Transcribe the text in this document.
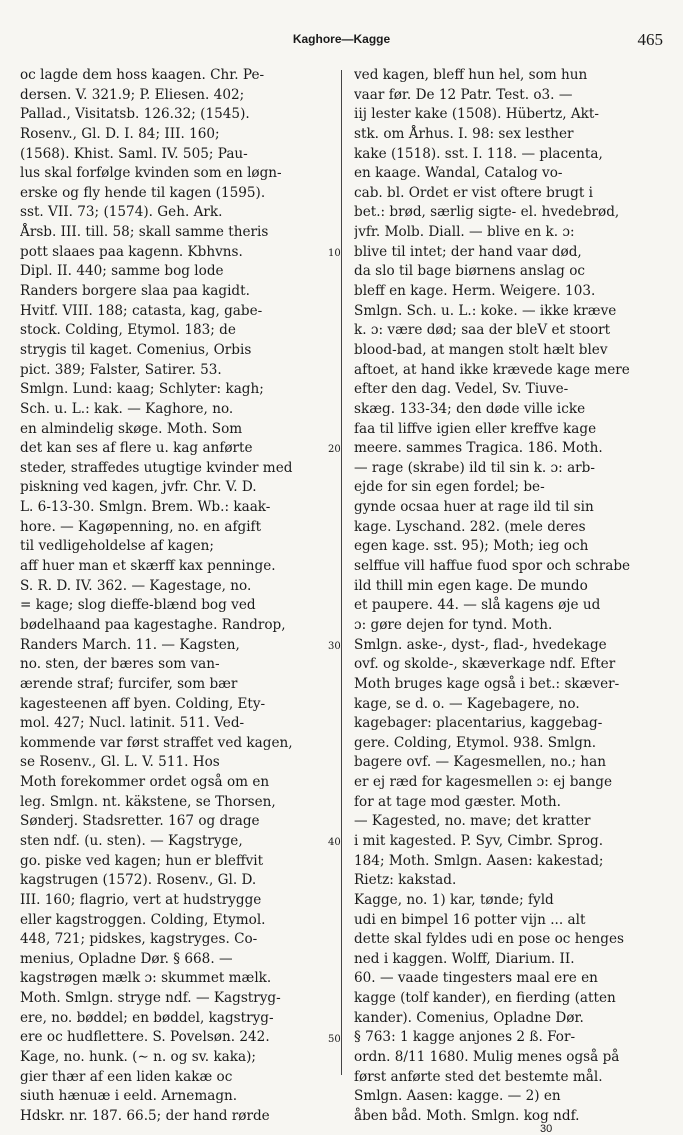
Kaghore—Kagge	465
oc lagde dem hoss kaagen. Chr. Pe-
dersen. V. 321.9; P. Eliesen. 402;
Pallad., Visitatsb. 126.32; (1545).
Rosenv., Gl. D. I. 84; III. 160;
(1568). Khist. Saml. IV. 505; Pau-
lus skal forfølge kvinden som en løgn-
erske og fly hende til kagen (1595).
sst. VII. 73; (1574). Geh. Ark.
Årsb. III. till. 58; skall samme theris
pott slaaes paa kagenn. Kbhvns.
Dipl. II. 440; samme bog lode
Randers borgere slaa paa kagidt.
Hvitf. VIII. 188; catasta, kag, gabe-
stock. Colding, Etymol. 183; de
strygis til kaget. Comenius, Orbis
pict. 389; Falster, Satirer. 53.
Smlgn. Lund: kaag; Schlyter: kagh;
Sch. u. L.: kak. — Kaghore, no.
en almindelig skøge. Moth. Som
det kan ses af flere u. kag anførte
steder, straffedes utugtige kvinder med
piskning ved kagen, jvfr. Chr. V. D.
L. 6-13-30. Smlgn. Brem. Wb.: kaak-
hore. — Kagøpenning, no. en afgift
til vedligeholdelse af kagen;
aff huer man et skærff kax penninge.
S. R. D. IV. 362. — Kagestage, no.
= kage; slog dieffe-blænd bog ved
bødelhaand paa kagestaghe. Randrop,
Randers March. 11. — Kagsten,
no. sten, der bæres som van-
ærende straf; furcifer, som bær
kagesteenen aff byen. Colding, Ety-
mol. 427; Nucl. latinit. 511. Ved-
kommende var først straffet ved kagen,
se Rosenv., Gl. L. V. 511. Hos
Moth forekommer ordet også om en
leg. Smlgn. nt. käkstene, se Thorsen,
Sønderj. Stadsretter. 167 og drage
sten ndf. (u. sten). — Kagstryge,
go. piske ved kagen; hun er bleffvit
kagstrugen (1572). Rosenv., Gl. D.
III. 160; flagrio, vert at hudstrygge
eller kagstroggen. Colding, Etymol.
448, 721; pidskes, kagstryges. Co-
menius, Opladne Dør. § 668. —
kagstrøgen mælk ɔ: skummet mælk.
Moth. Smlgn. stryge ndf. — Kagstryg-
ere, no. bøddel; en bøddel, kagstryg-
ere oc hudflettere. S. Povelsøn. 242.
Kage, no. hunk. (∼ n. og sv. kaka);
gier thær af een liden kakæ oc
siuth hænuæ i eeld. Arnemagn.
Hdskr. nr. 187. 66.5; der hand rørde
10
20
30
40
50
ved kagen, bleff hun hel, som hun
vaar før. De 12 Patr. Test. o3. —
iij lester kake (1508). Hübertz, Akt-
stk. om Århus. I. 98: sex lesther
kake (1518). sst. I. 118. — placenta,
en kaage. Wandal, Catalog vo-
cab. bl. Ordet er vist oftere brugt i
bet.: brød, særlig sigte- el. hvedebrød,
jvfr. Molb. Diall. — blive en k. ɔ:
blive til intet; der hand vaar død,
da slo til bage biørnens anslag oc
bleff en kage. Herm. Weigere. 103.
Smlgn. Sch. u. L.: koke. — ikke kræve
k. ɔ: være død; saa der bleV et stoort
blood-bad, at mangen stolt hælt blev
aftoet, at hand ikke krævede kage mere
efter den dag. Vedel, Sv. Tiuve-
skæg. 133-34; den døde ville icke
faa til liffve igien eller kreffve kage
meere. sammes Tragica. 186. Moth.
— rage (skrabe) ild til sin k. ɔ: arb-
ejde for sin egen fordel; be-
gynde ocsaa huer at rage ild til sin
kage. Lyschand. 282. (mele deres
egen kage. sst. 95); Moth; ieg och
selffue vill haffue fuod spor och schrabe
ild thill min egen kage. De mundo
et paupere. 44. — slå kagens øje ud
ɔ: gøre dejen for tynd. Moth.
Smlgn. aske-, dyst-, flad-, hvedekage
ovf. og skolde-, skæverkage ndf. Efter
Moth bruges kage også i bet.: skæver-
kage, se d. o. — Kagebagere, no.
kagebager: placentarius, kaggebag-
gere. Colding, Etymol. 938. Smlgn.
bagere ovf. — Kagesmellen, no.; han
er ej ræd for kagesmellen ɔ: ej bange
for at tage mod gæster. Moth.
— Kagested, no. mave; det kratter
i mit kagested. P. Syv, Cimbr. Sprog.
184; Moth. Smlgn. Aasen: kakestad;
Rietz: kakstad.
Kagge, no. 1) kar, tønde; fyld
udi en bimpel 16 potter vijn ... alt
dette skal fyldes udi en pose oc henges
ned i kaggen. Wolff, Diarium. II.
60. — vaade tingesters maal ere en
kagge (tolf kander), en fierding (atten
kander). Comenius, Opladne Dør.
§ 763: 1 kagge anjones 2 ß. For-
ordn. 8/11 1680. Mulig menes også på
først anførte sted det bestemte mål.
Smlgn. Aasen: kagge. — 2) en
åben båd. Moth. Smlgn. kog ndf.
30
